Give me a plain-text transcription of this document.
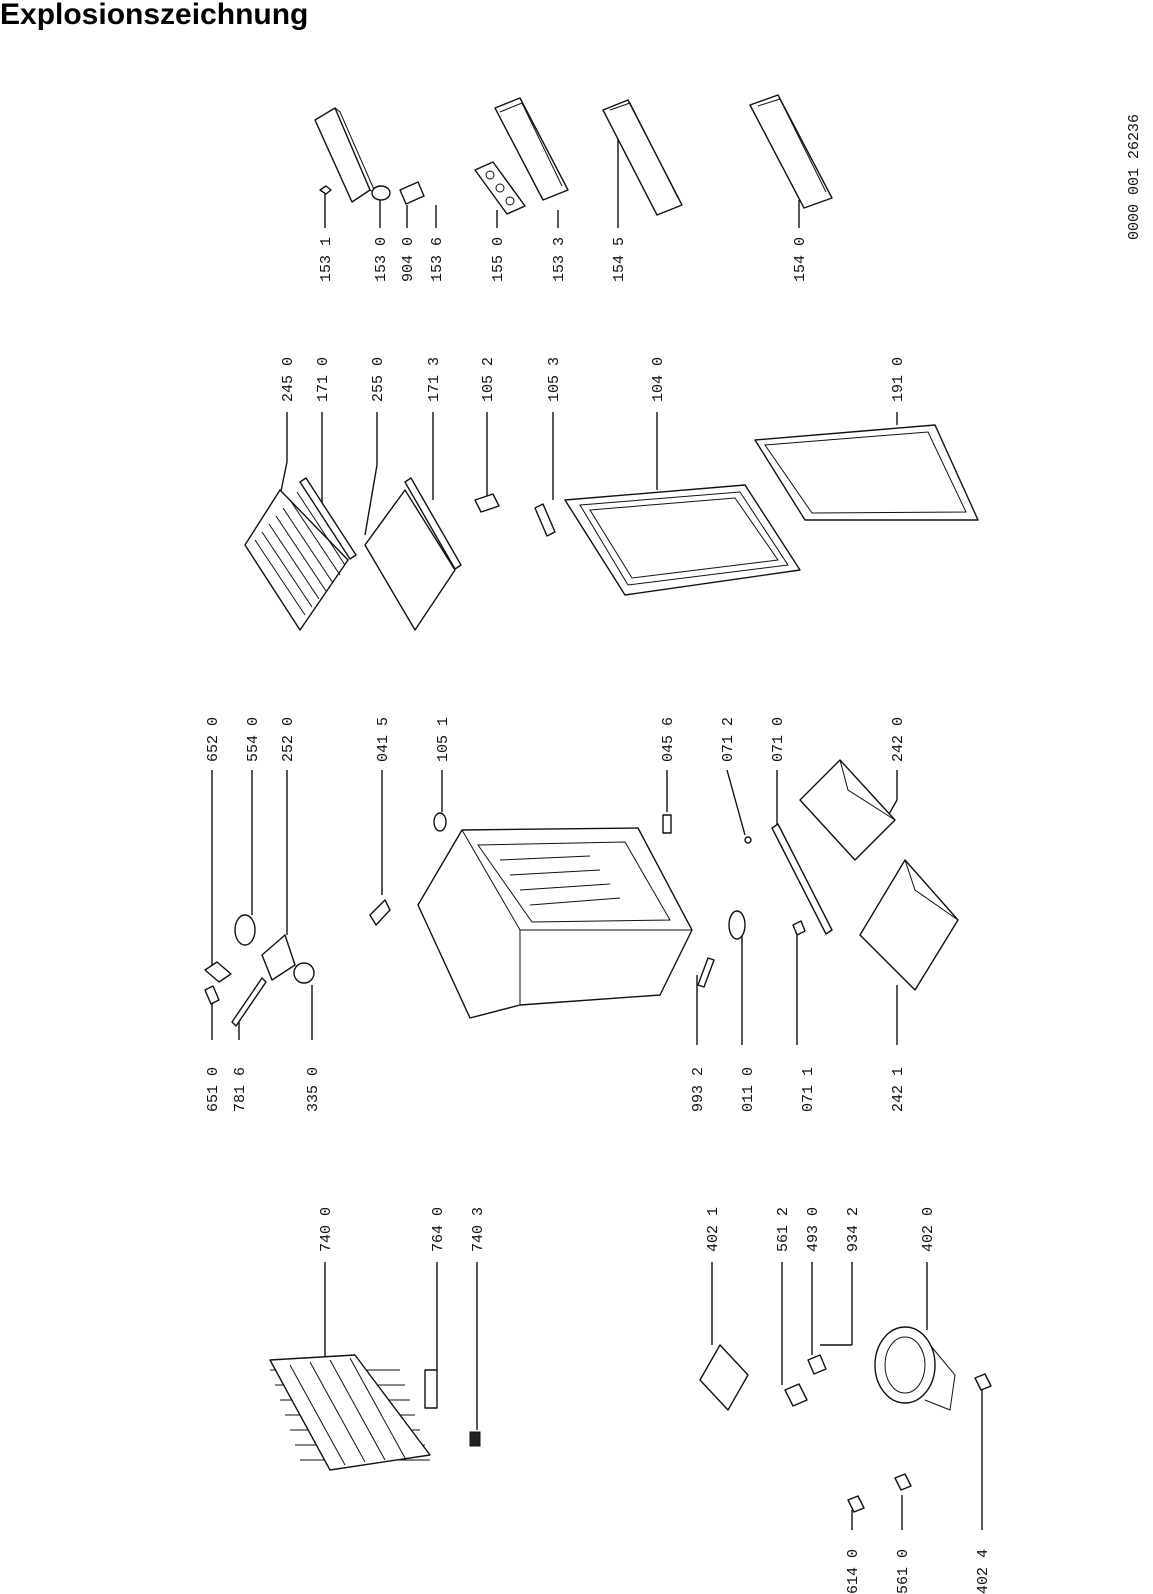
Explosionszeichnung
0000 001 26236
153 1	153 0 904 0 153 6	155 0	153 3	154 5	154 0
245 0 171 0	255 0	171 3 105 2	105 3	104 0	191 0
652 0 554 0 252 0
651 0 781 6	335 0
041 5	105 1	045 6	071 2 071 0	242 0
993 2 011 0	071 1	242 1
740 0	764 0 740 3	402 1	561 2 493 0 934 2	402 0
614 0 561 0	402 4
